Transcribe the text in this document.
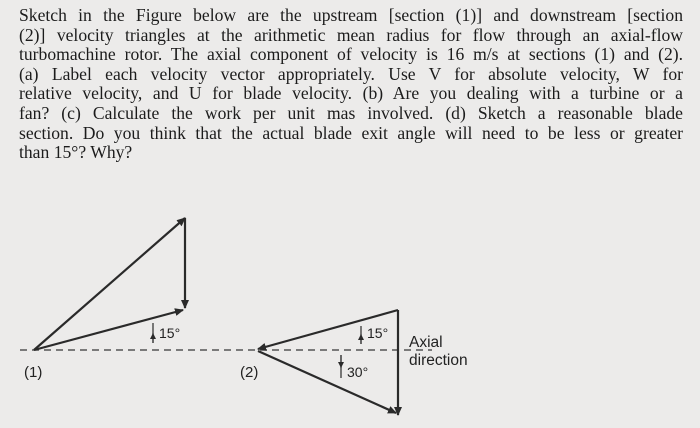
Sketch in the Figure below are the upstream [section (1)] and downstream [section
(2)] velocity triangles at the arithmetic mean radius for flow through an axial-flow
turbomachine rotor. The axial component of velocity is 16 m/s at sections (1) and (2).
(a) Label each velocity vector appropriately. Use V for absolute velocity, W for
relative velocity, and U for blade velocity. (b) Are you dealing with a turbine or a
fan? (c) Calculate the work per unit mas involved. (d) Sketch a reasonable blade
section. Do you think that the actual blade exit angle will need to be less or greater
than 15°? Why?
(1)	(2)
15°	15°
30°
Axial
direction
